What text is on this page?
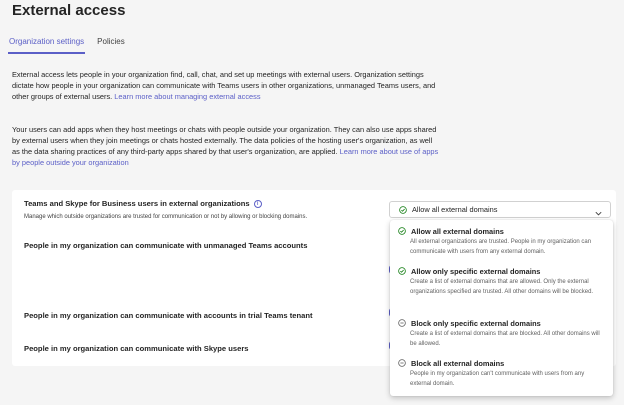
External access
Organization settings Policies

External access lets people in your organization find, call, chat, and set up meetings with external users. Organization settings dictate how people in your organization can communicate with Teams users in other organizations, unmanaged Teams users, and other groups of external users. Learn more about managing external access

Your users can add apps when they host meetings or chats with people outside your organization. They can also use apps shared by external users when they join meetings or chats hosted externally. The data policies of the hosting user's organization, as well as the data sharing practices of any third-party apps shared by that user's organization, are applied. Learn more about use of apps by people outside your organization

Teams and Skype for Business users in external organizations i
Manage which outside organizations are trusted for communication or not by allowing or blocking domains.
People in my organization can communicate with unmanaged Teams accounts
People in my organization can communicate with accounts in trial Teams tenant
People in my organization can communicate with Skype users
Allow all external domains
Allow all external domains
All external organizations are trusted. People in my organization can communicate with users from any external domain.
Allow only specific external domains
Create a list of external domains that are allowed. Only the external organizations specified are trusted. All other domains will be blocked.
Block only specific external domains
Create a list of external domains that are blocked. All other domains will be allowed.
Block all external domains
People in my organization can't communicate with users from any external domain.
